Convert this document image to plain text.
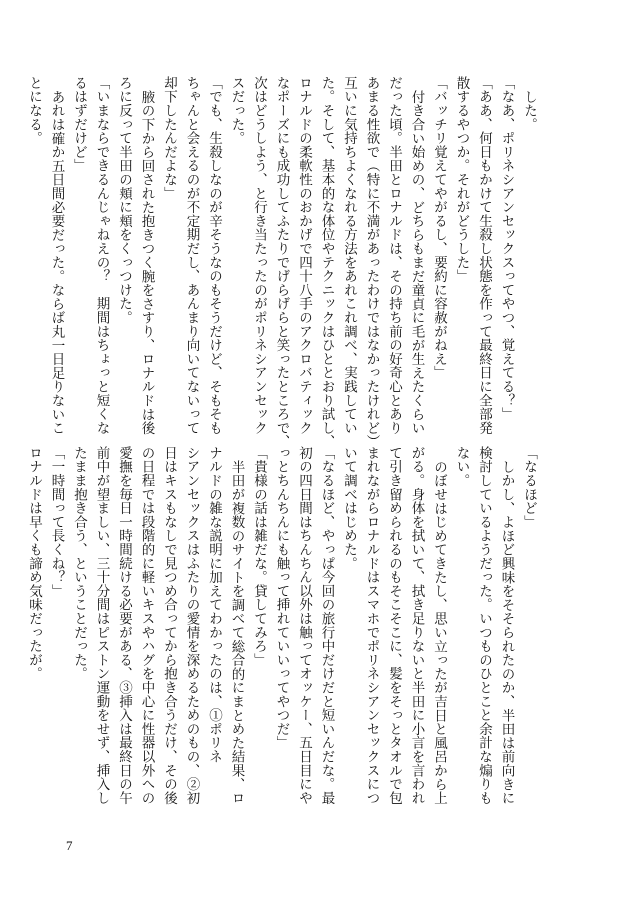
した。
「なあ、ポリネシアンセックスってやつ、覚えてる？」
「ああ、何日もかけて生殺し状態を作って最終日に全部発
散するやつか。それがどうした」
「バッチリ覚えてやがるし、要約に容赦がねえ」
付き合い始めの、どちらもまだ童貞に毛が生えたくらい
だった頃。半田とロナルドは、その持ち前の好奇心とあり
あまる性欲で（特に不満があったわけではなかったけれど）
互いに気持ちよくなれる方法をあれこれ調べ、実践してい
た。そして、基本的な体位やテクニックはひととおり試し、
ロナルドの柔軟性のおかげで四十八手のアクロバティック
なポーズにも成功してふたりでげらげらと笑ったところで、
次はどうしよう、と行き当たったのがポリネシアンセック
スだった。
「でも、生殺しなのが辛そうなのもそうだけど、そもそも
ちゃんと会えるのが不定期だし、あんまり向いてないって
却下したんだよな」
腋の下から回された抱きつく腕をさすり、ロナルドは後
ろに反って半田の頬に頬をくっつけた。
「いまならできるんじゃねえの？　期間はちょっと短くな
るはずだけど」
あれは確か五日間必要だった。ならば丸一日足りないこ
とになる。
「なるほど」
しかし、よほど興味をそそられたのか、半田は前向きに
検討しているようだった。いつものひとこと余計な煽りも
ない。
のぼせはじめてきたし、思い立ったが吉日と風呂から上
がる。身体を拭いて、拭き足りないと半田に小言を言われ
て引き留められるのもそこそこに、髪をそっとタオルで包
まれながらロナルドはスマホでポリネシアンセックスにつ
いて調べはじめた。
「なるほど、やっぱ今回の旅行中だけだと短いんだな。最
初の四日間はちんちん以外は触ってオッケー、五日目にや
っとちんちんにも触って挿れていいってやつだ」
「貴様の話は雑だな。貸してみろ」
半田が複数のサイトを調べて総合的にまとめた結果、ロ
ナルドの雑な説明に加えてわかったのは、①ポリネ
シアンセックスはふたりの愛情を深めるためのもの、②初
日はキスもなしで見つめ合ってから抱き合うだけ、その後
の日程では段階的に軽いキスやハグを中心に性器以外への
愛撫を毎日一時間続ける必要がある、③挿入は最終日の午
前中が望ましい、三十分間はピストン運動をせず、挿入し
たまま抱き合う、ということだった。
「一時間って長くね？」
ロナルドは早くも諦め気味だったが。
7
